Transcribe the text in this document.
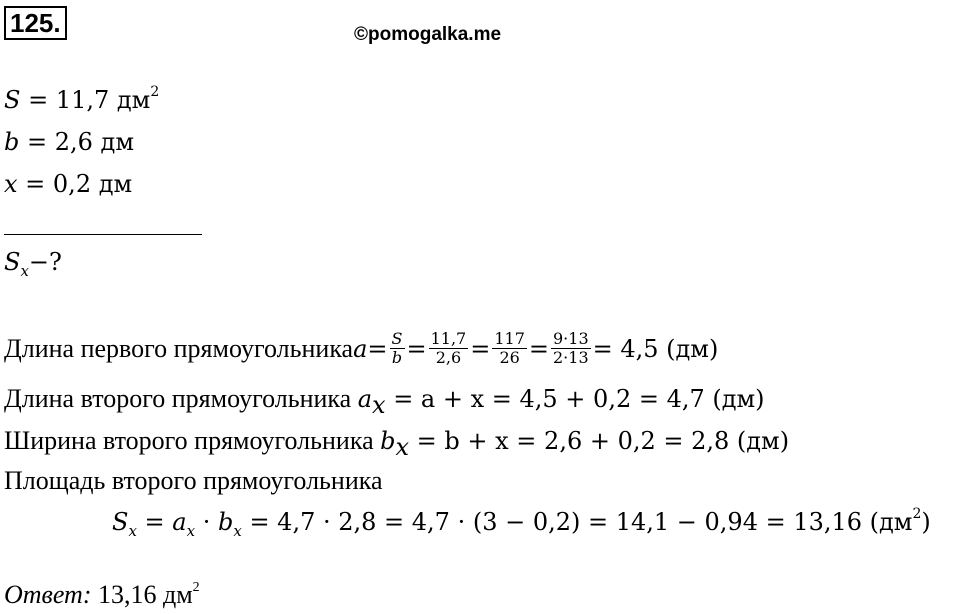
125.	©pomogalka.me
S = 11,7 $дм^2$
b = 2,6 дм
x = 0,2 дм
$S_x-$?
Длина первого прямоугольника $a = \frac{S}{b} = \frac{11,7}{2,6} = \frac{117}{26} = \frac{9\cdot 13}{2\cdot 13} = 4,5$ (дм)
Длина второго прямоугольника $a_x = a + x = 4,5 + 0,2 = 4,7$ (дм)
Ширина второго прямоугольника $b_x = b + x = 2,6 + 0,2 = 2,8$ (дм)
Площадь второго прямоугольника
$S_x = a_x \cdot b_x = 4,7 \cdot 2,8 = 4,7 \cdot (3 - 0,2) = 14,1 - 0,94 = 13,16$ $(дм^2)$
Ответ: 13,16 $дм^2$
